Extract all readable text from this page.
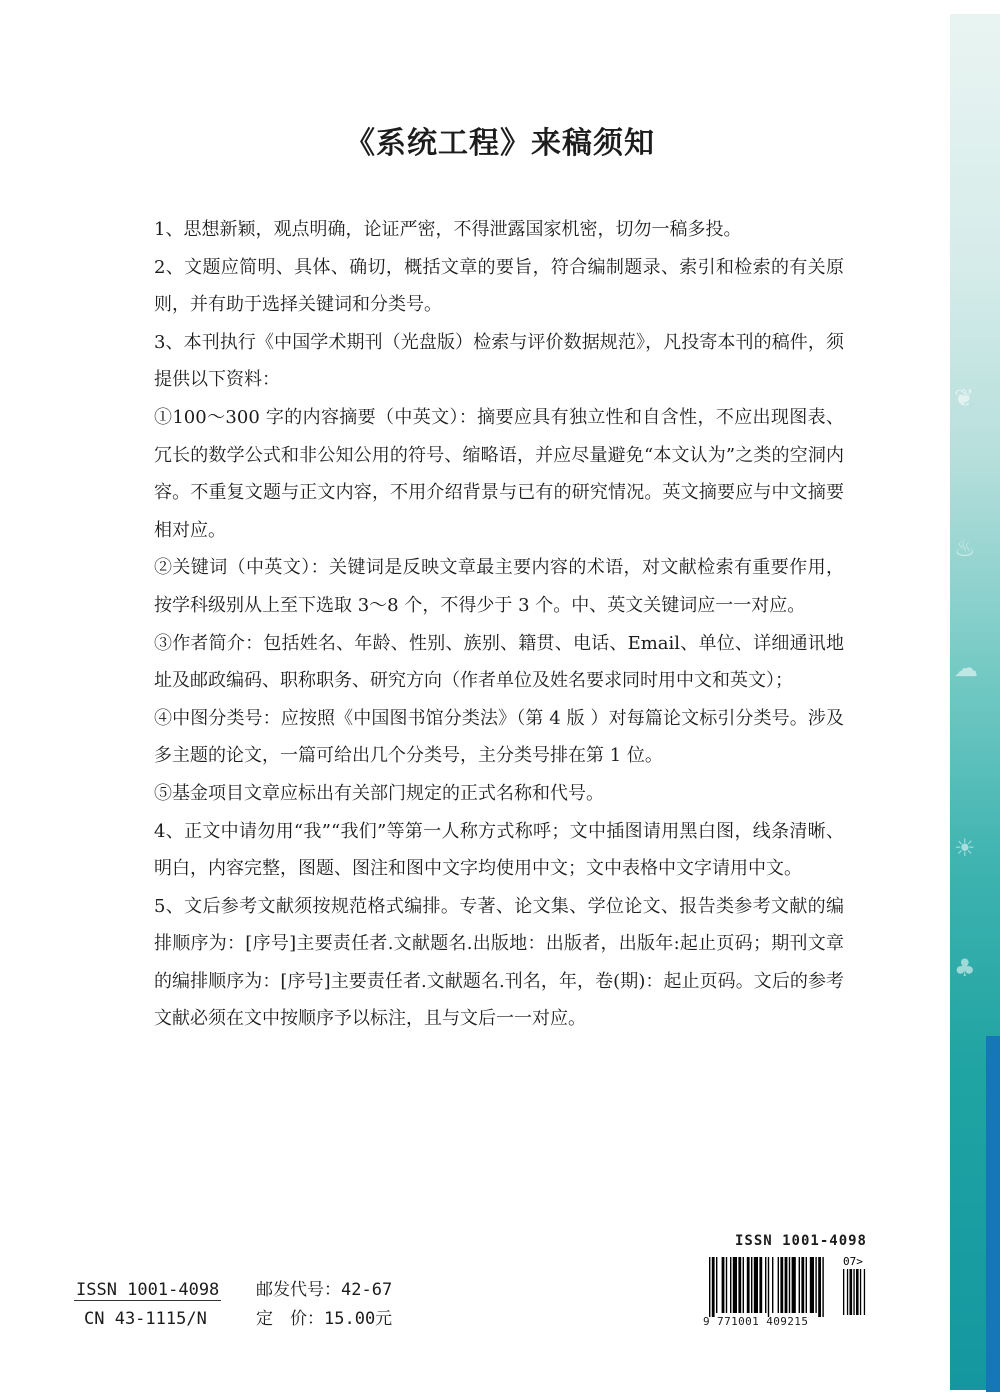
❦
♨
☁
☀
♣
《系统工程》来稿须知

1、思想新颖，观点明确，论证严密，不得泄露国家机密，切勿一稿多投。

2、文题应简明、具体、确切，概括文章的要旨，符合编制题录、索引和检索的有关原则，并有助于选择关键词和分类号。

3、本刊执行《中国学术期刊（光盘版）检索与评价数据规范》，凡投寄本刊的稿件，须提供以下资料：

①100～300 字的内容摘要（中英文）：摘要应具有独立性和自含性，不应出现图表、冗长的数学公式和非公知公用的符号、缩略语，并应尽量避免“本文认为”之类的空洞内容。不重复文题与正文内容，不用介绍背景与已有的研究情况。英文摘要应与中文摘要相对应。

②关键词（中英文）：关键词是反映文章最主要内容的术语，对文献检索有重要作用，按学科级别从上至下选取 3～8 个，不得少于 3 个。中、英文关键词应一一对应。

③作者简介：包括姓名、年龄、性别、族别、籍贯、电话、Email、单位、详细通讯地址及邮政编码、职称职务、研究方向（作者单位及姓名要求同时用中文和英文）；

④中图分类号：应按照《中国图书馆分类法》（第 4 版 ）对每篇论文标引分类号。涉及多主题的论文，一篇可给出几个分类号，主分类号排在第 1 位。

⑤基金项目文章应标出有关部门规定的正式名称和代号。

4、正文中请勿用“我”“我们”等第一人称方式称呼；文中插图请用黑白图，线条清晰、明白，内容完整，图题、图注和图中文字均使用中文；文中表格中文字请用中文。

5、文后参考文献须按规范格式编排。专著、论文集、学位论文、报告类参考文献的编排顺序为：[序号]主要责任者.文献题名.出版地：出版者，出版年:起止页码；期刊文章的编排顺序为：[序号]主要责任者.文献题名.刊名，年，卷(期)：起止页码。文后的参考文献必须在文中按顺序予以标注，且与文后一一对应。

ISSN 1001-4098
CN 43-1115/N
邮发代号：42-67
定　价：15.00元
ISSN 1001-4098
07>
9 771001 409215
